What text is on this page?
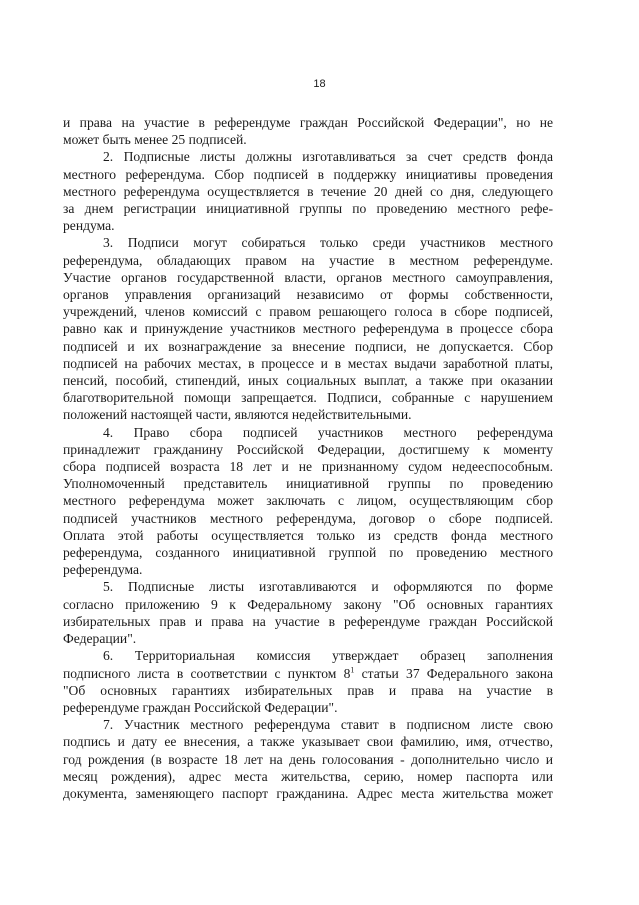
18
и права на участие в референдуме граждан Российской Федерации", но не
может быть менее 25 подписей.
2. Подписные листы должны изготавливаться за счет средств фонда
местного референдума. Сбор подписей в поддержку инициативы проведения
местного референдума осуществляется в течение 20 дней со дня, следующего
за днем регистрации инициативной группы по проведению местного рефе-
рендума.
3. Подписи могут собираться только среди участников местного
референдума, обладающих правом на участие в местном референдуме.
Участие органов государственной власти, органов местного самоуправления,
органов управления организаций независимо от формы собственности,
учреждений, членов комиссий с правом решающего голоса в сборе подписей,
равно как и принуждение участников местного референдума в процессе сбора
подписей и их вознаграждение за внесение подписи, не допускается. Сбор
подписей на рабочих местах, в процессе и в местах выдачи заработной платы,
пенсий, пособий, стипендий, иных социальных выплат, а также при оказании
благотворительной помощи запрещается. Подписи, собранные с нарушением
положений настоящей части, являются недействительными.
4. Право сбора подписей участников местного референдума
принадлежит гражданину Российской Федерации, достигшему к моменту
сбора подписей возраста 18 лет и не признанному судом недееспособным.
Уполномоченный представитель инициативной группы по проведению
местного референдума может заключать с лицом, осуществляющим сбор
подписей участников местного референдума, договор о сборе подписей.
Оплата этой работы осуществляется только из средств фонда местного
референдума, созданного инициативной группой по проведению местного
референдума.
5. Подписные листы изготавливаются и оформляются по форме
согласно приложению 9 к Федеральному закону "Об основных гарантиях
избирательных прав и права на участие в референдуме граждан Российской
Федерации".
6. Территориальная комиссия утверждает образец заполнения
подписного листа в соответствии с пунктом $8^1$ статьи 37 Федерального закона
"Об основных гарантиях избирательных прав и права на участие в
референдуме граждан Российской Федерации".
7. Участник местного референдума ставит в подписном листе свою
подпись и дату ее внесения, а также указывает свои фамилию, имя, отчество,
год рождения (в возрасте 18 лет на день голосования - дополнительно число и
месяц рождения), адрес места жительства, серию, номер паспорта или
документа, заменяющего паспорт гражданина. Адрес места жительства может
